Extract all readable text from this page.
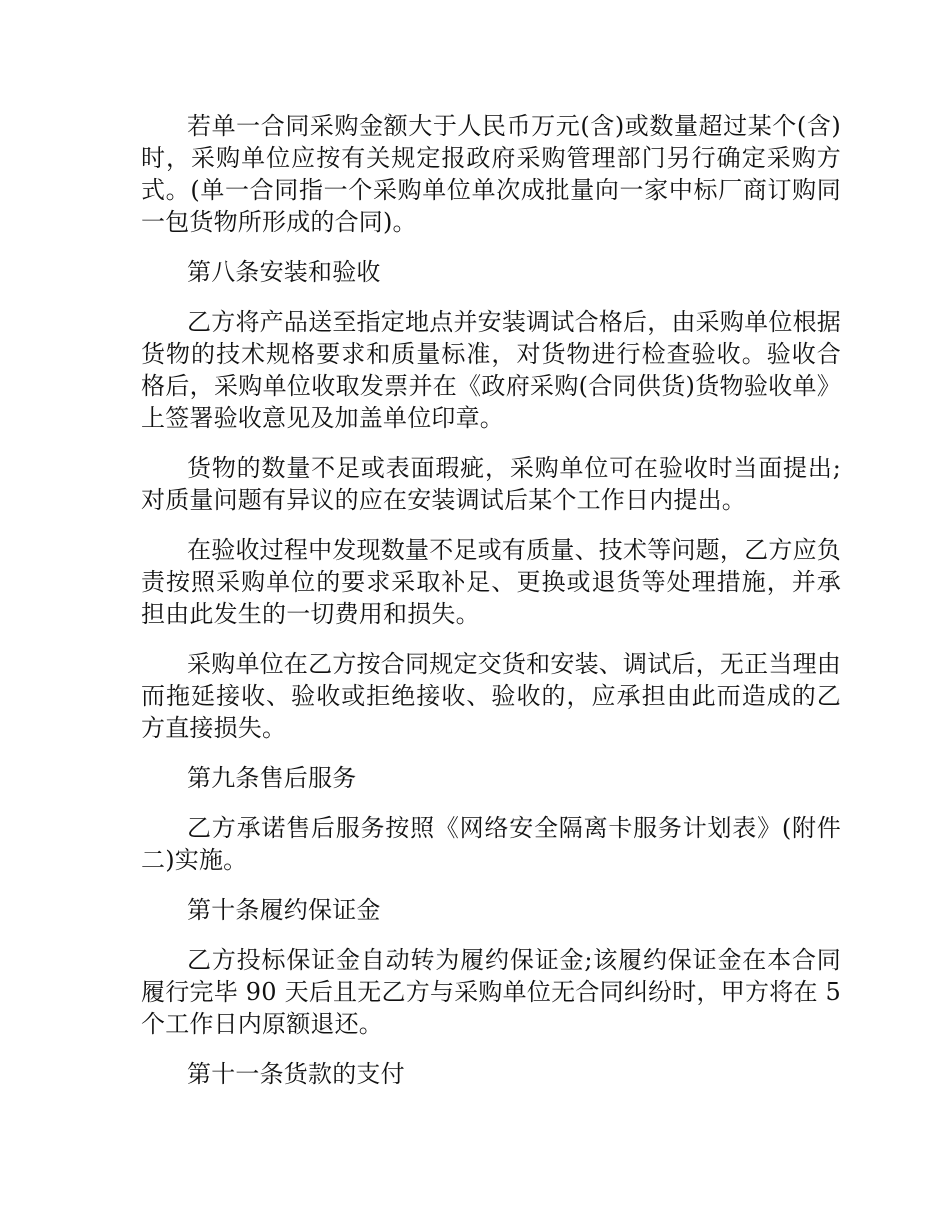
若单一合同采购金额大于人民币万元(含)或数量超过某个(含)时，采购单位应按有关规定报政府采购管理部门另行确定采购方式。(单一合同指一个采购单位单次成批量向一家中标厂商订购同一包货物所形成的合同)。

第八条安装和验收

乙方将产品送至指定地点并安装调试合格后，由采购单位根据货物的技术规格要求和质量标准，对货物进行检查验收。验收合格后，采购单位收取发票并在《政府采购(合同供货)货物验收单》上签署验收意见及加盖单位印章。

货物的数量不足或表面瑕疵，采购单位可在验收时当面提出;对质量问题有异议的应在安装调试后某个工作日内提出。

在验收过程中发现数量不足或有质量、技术等问题，乙方应负责按照采购单位的要求采取补足、更换或退货等处理措施，并承担由此发生的一切费用和损失。

采购单位在乙方按合同规定交货和安装、调试后，无正当理由而拖延接收、验收或拒绝接收、验收的，应承担由此而造成的乙方直接损失。

第九条售后服务

乙方承诺售后服务按照《网络安全隔离卡服务计划表》(附件二)实施。

第十条履约保证金

乙方投标保证金自动转为履约保证金;该履约保证金在本合同履行完毕 90 天后且无乙方与采购单位无合同纠纷时，甲方将在 5 个工作日内原额退还。

第十一条货款的支付
